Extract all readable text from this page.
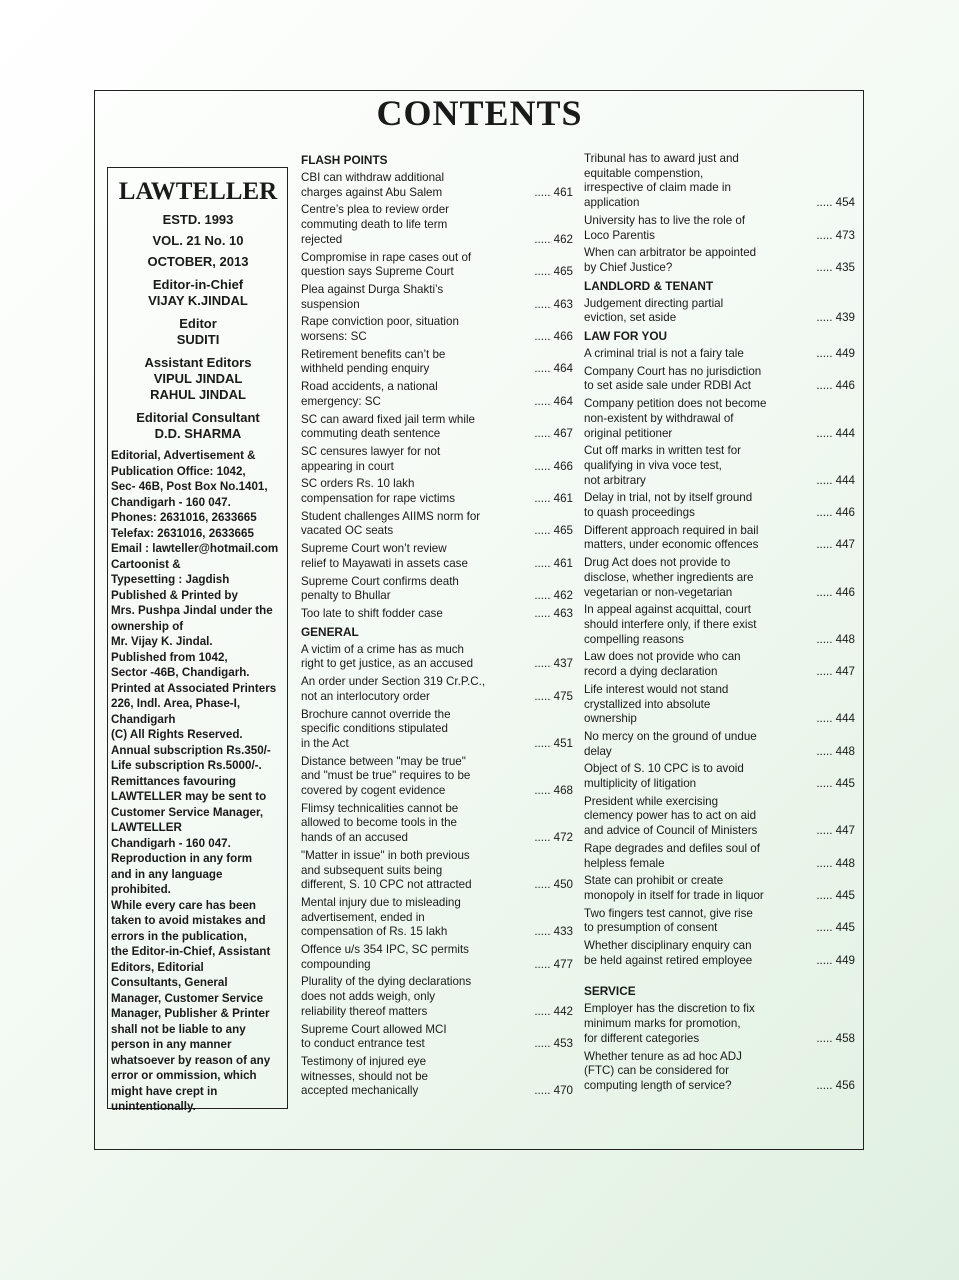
CONTENTS
LAWTELLER
ESTD. 1993
VOL. 21 No. 10
OCTOBER, 2013
Editor-in-Chief
VIJAY K.JINDAL
Editor
SUDITI
Assistant Editors
VIPUL JINDAL
RAHUL JINDAL
Editorial Consultant
D.D. SHARMA
Editorial, Advertisement &
Publication Office: 1042,
Sec- 46B, Post Box No.1401,
Chandigarh - 160 047.
Phones: 2631016, 2633665
Telefax: 2631016, 2633665
Email : lawteller@hotmail.com
Cartoonist &
Typesetting : Jagdish
Published & Printed by
Mrs. Pushpa Jindal under the
ownership of
Mr. Vijay K. Jindal.
Published from 1042,
Sector -46B, Chandigarh.
Printed at Associated Printers
226, Indl. Area, Phase-I,
Chandigarh
(C) All Rights Reserved.
Annual subscription Rs.350/-
Life subscription Rs.5000/-.
Remittances favouring
LAWTELLER may be sent to
Customer Service Manager,
LAWTELLER
Chandigarh - 160 047.
Reproduction in any form
and in any language
prohibited.
While every care has been
taken to avoid mistakes and
errors in the publication,
the Editor-in-Chief, Assistant
Editors, Editorial
Consultants, General
Manager, Customer Service
Manager, Publisher & Printer
shall not be liable to any
person in any manner
whatsoever by reason of any
error or ommission, which
might have crept in
unintentionally.
FLASH POINTS
CBI can withdraw additional
charges against Abu Salem	..... 461
Centre’s plea to review order
commuting death to life term
rejected	..... 462
Compromise in rape cases out of
question says Supreme Court	..... 465
Plea against Durga Shakti’s
suspension	..... 463
Rape conviction poor, situation
worsens: SC	..... 466
Retirement benefits can’t be
withheld pending enquiry	..... 464
Road accidents, a national
emergency: SC	..... 464
SC can award fixed jail term while
commuting death sentence	..... 467
SC censures lawyer for not
appearing in court	..... 466
SC orders Rs. 10 lakh
compensation for rape victims	..... 461
Student challenges AIIMS norm for
vacated OC seats	..... 465
Supreme Court won’t review
relief to Mayawati in assets case	..... 461
Supreme Court confirms death
penalty to Bhullar	..... 462
Too late to shift fodder case	..... 463
GENERAL
A victim of a crime has as much
right to get justice, as an accused	..... 437
An order under Section 319 Cr.P.C.,
not an interlocutory order	..... 475
Brochure cannot override the
specific conditions stipulated
in the Act	..... 451
Distance between "may be true"
and "must be true" requires to be
covered by cogent evidence	..... 468
Flimsy technicalities cannot be
allowed to become tools in the
hands of an accused	..... 472
"Matter in issue" in both previous
and subsequent suits being
different, S. 10 CPC not attracted	..... 450
Mental injury due to misleading
advertisement, ended in
compensation of Rs. 15 lakh	..... 433
Offence u/s 354 IPC, SC permits
compounding	..... 477
Plurality of the dying declarations
does not adds weigh, only
reliability thereof matters	..... 442
Supreme Court allowed MCI
to conduct entrance test	..... 453
Testimony of injured eye
witnesses, should not be
accepted mechanically	..... 470
Tribunal has to award just and
equitable compenstion,
irrespective of claim made in
application	..... 454
University has to live the role of
Loco Parentis	..... 473
When can arbitrator be appointed
by Chief Justice?	..... 435
LANDLORD & TENANT
Judgement directing partial
eviction, set aside	..... 439
LAW FOR YOU
A criminal trial is not a fairy tale	..... 449
Company Court has no jurisdiction
to set aside sale under RDBI Act	..... 446
Company petition does not become
non-existent by withdrawal of
original petitioner	..... 444
Cut off marks in written test for
qualifying in viva voce test,
not arbitrary	..... 444
Delay in trial, not by itself ground
to quash proceedings	..... 446
Different approach required in bail
matters, under economic offences	..... 447
Drug Act does not provide to
disclose, whether ingredients are
vegetarian or non-vegetarian	..... 446
In appeal against acquittal, court
should interfere only, if there exist
compelling reasons	..... 448
Law does not provide who can
record a dying declaration	..... 447
Life interest would not stand
crystallized into absolute
ownership	..... 444
No mercy on the ground of undue
delay	..... 448
Object of S. 10 CPC is to avoid
multiplicity of litigation	..... 445
President while exercising
clemency power has to act on aid
and advice of Council of Ministers	..... 447
Rape degrades and defiles soul of
helpless female	..... 448
State can prohibit or create
monopoly in itself for trade in liquor	..... 445
Two fingers test cannot, give rise
to presumption of consent	..... 445
Whether disciplinary enquiry can
be held against retired employee	..... 449
SERVICE
Employer has the discretion to fix
minimum marks for promotion,
for different categories	..... 458
Whether tenure as ad hoc ADJ
(FTC) can be considered for
computing length of service?	..... 456
